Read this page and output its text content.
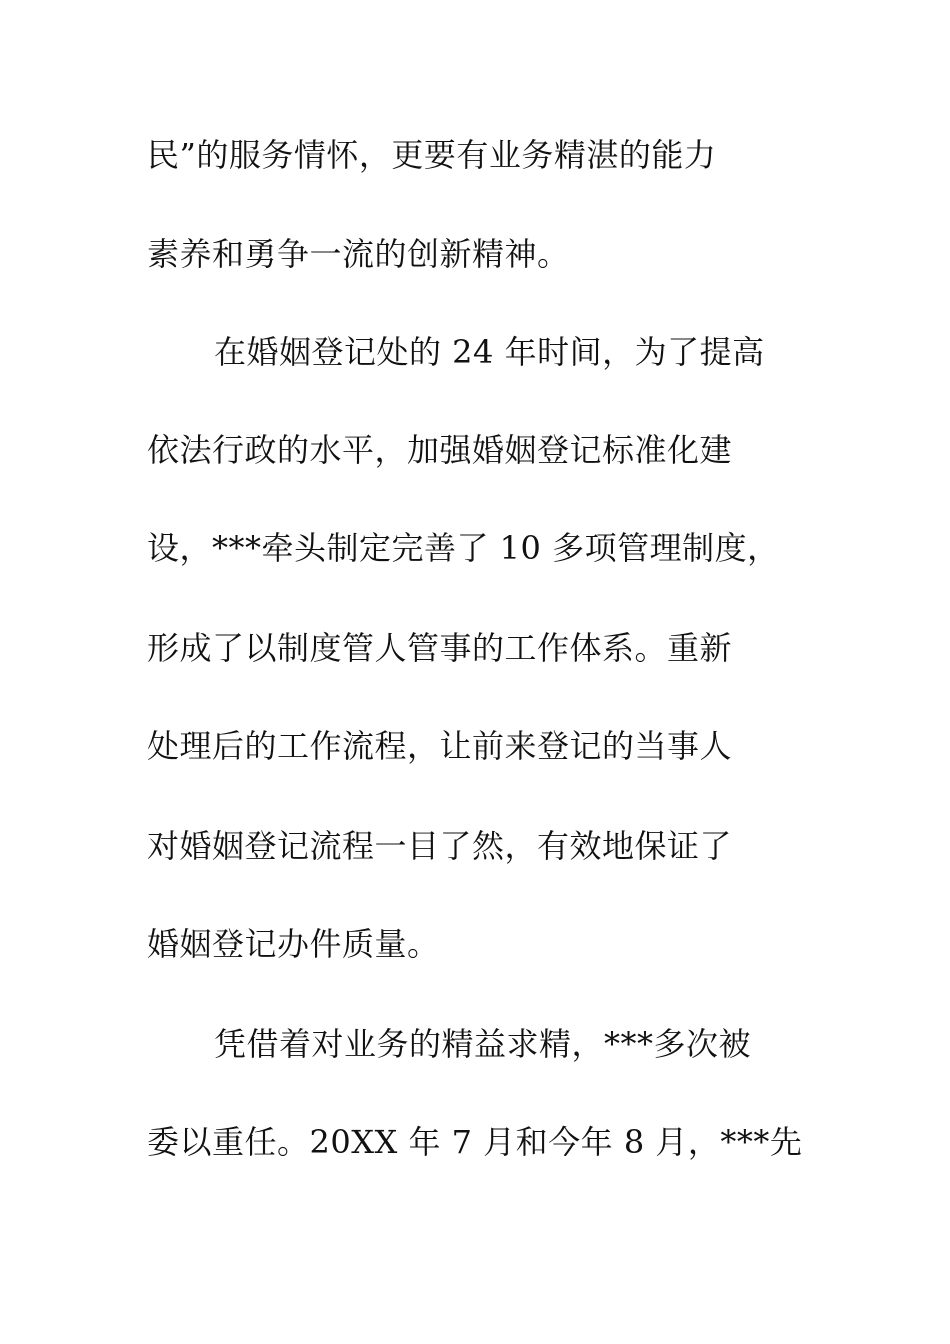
民”的服务情怀，更要有业务精湛的能力
素养和勇争一流的创新精神。
在婚姻登记处的 24 年时间，为了提高
依法行政的水平，加强婚姻登记标准化建
设，***牵头制定完善了 10 多项管理制度，
形成了以制度管人管事的工作体系。重新
处理后的工作流程，让前来登记的当事人
对婚姻登记流程一目了然，有效地保证了
婚姻登记办件质量。
凭借着对业务的精益求精，***多次被
委以重任。20XX 年 7 月和今年 8 月，***先
